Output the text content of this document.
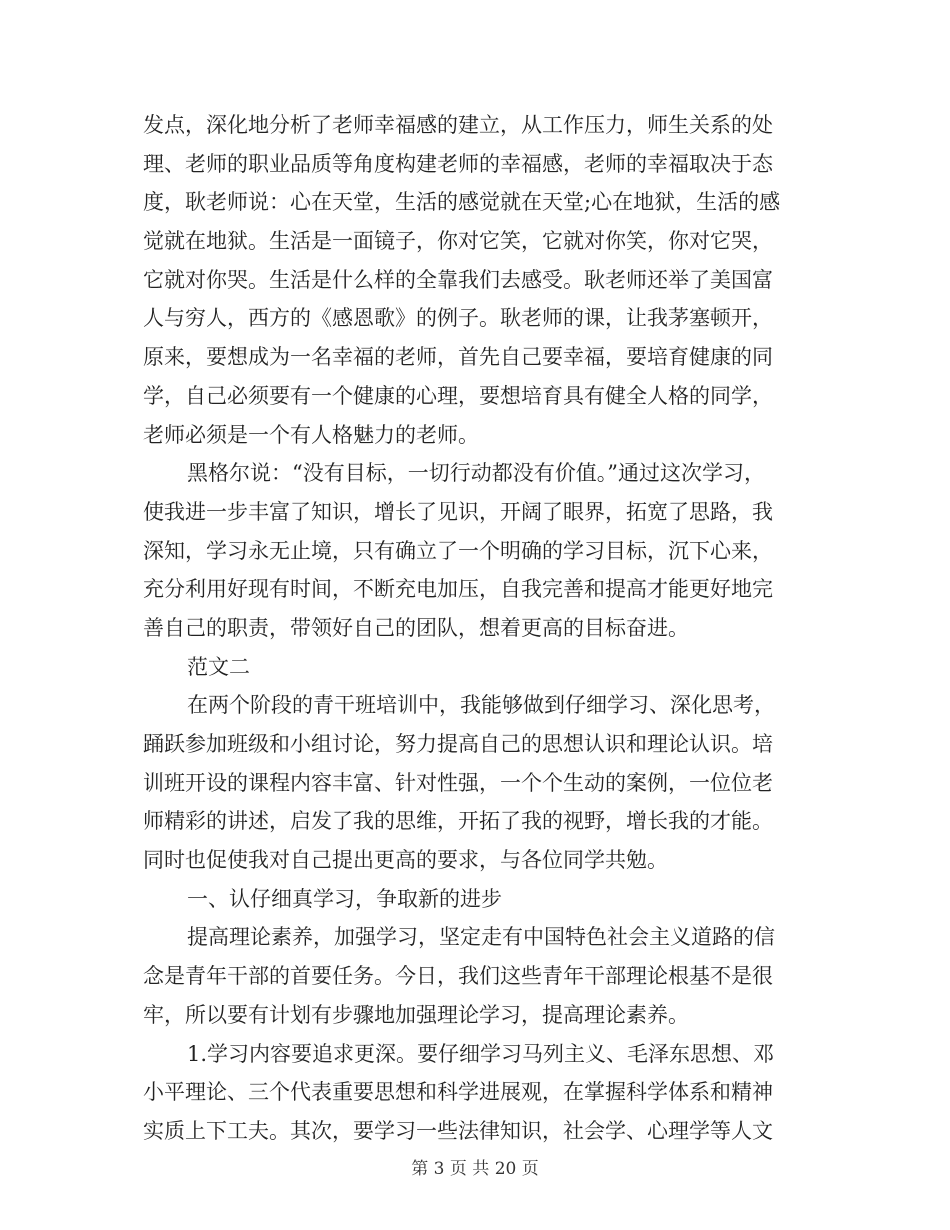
发点，深化地分析了老师幸福感的建立，从工作压力，师生关系的处
理、老师的职业品质等角度构建老师的幸福感，老师的幸福取决于态
度，耿老师说：心在天堂，生活的感觉就在天堂;心在地狱，生活的感
觉就在地狱。生活是一面镜子，你对它笑，它就对你笑，你对它哭，
它就对你哭。生活是什么样的全靠我们去感受。耿老师还举了美国富
人与穷人，西方的《感恩歌》的例子。耿老师的课，让我茅塞顿开，
原来，要想成为一名幸福的老师，首先自己要幸福，要培育健康的同
学，自己必须要有一个健康的心理，要想培育具有健全人格的同学，
老师必须是一个有人格魅力的老师。
黑格尔说：“没有目标，一切行动都没有价值。”通过这次学习，
使我进一步丰富了知识，增长了见识，开阔了眼界，拓宽了思路，我
深知，学习永无止境，只有确立了一个明确的学习目标，沉下心来，
充分利用好现有时间，不断充电加压，自我完善和提高才能更好地完
善自己的职责，带领好自己的团队，想着更高的目标奋进。
范文二
在两个阶段的青干班培训中，我能够做到仔细学习、深化思考，
踊跃参加班级和小组讨论，努力提高自己的思想认识和理论认识。培
训班开设的课程内容丰富、针对性强，一个个生动的案例，一位位老
师精彩的讲述，启发了我的思维，开拓了我的视野，增长我的才能。
同时也促使我对自己提出更高的要求，与各位同学共勉。
一、认仔细真学习，争取新的进步
提高理论素养，加强学习，坚定走有中国特色社会主义道路的信
念是青年干部的首要任务。今日，我们这些青年干部理论根基不是很
牢，所以要有计划有步骤地加强理论学习，提高理论素养。
1.学习内容要追求更深。要仔细学习马列主义、毛泽东思想、邓
小平理论、三个代表重要思想和科学进展观，在掌握科学体系和精神
实质上下工夫。其次，要学习一些法律知识，社会学、心理学等人文
第 3 页 共 20 页
